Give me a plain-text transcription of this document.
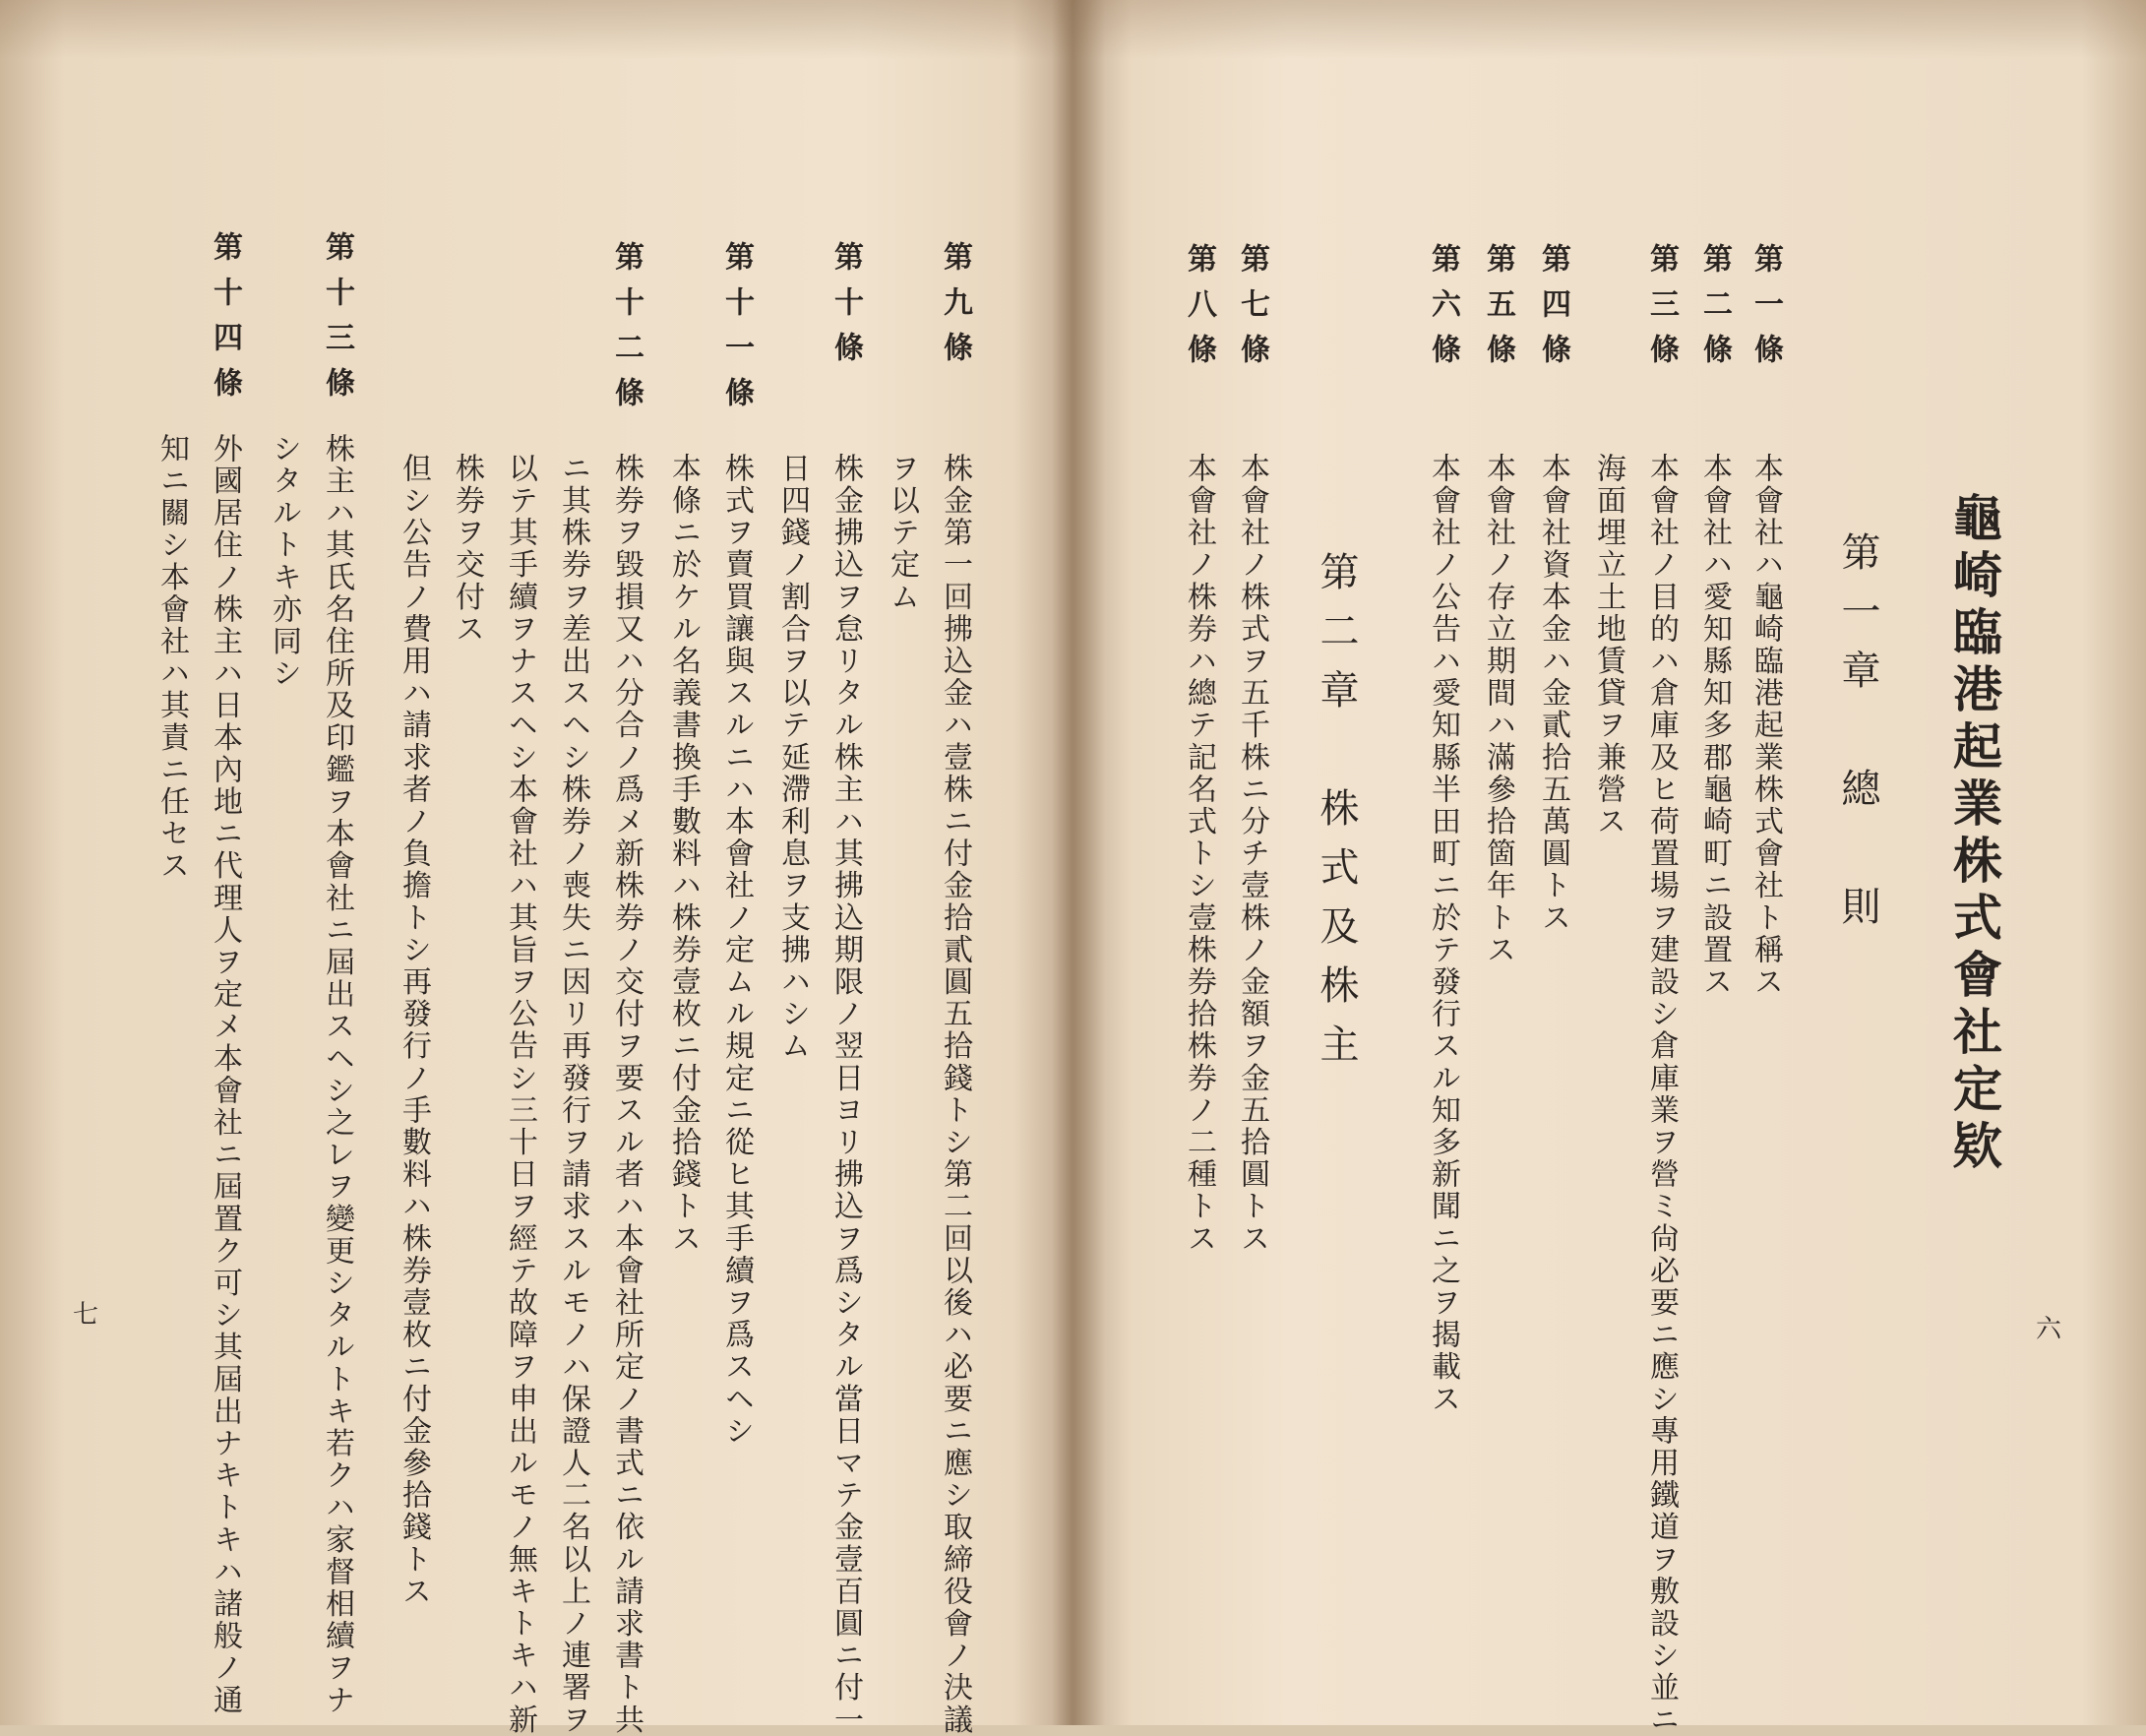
龜崎臨港起業株式會社定欵
第一章　總　則
第一條
本會社ハ龜崎臨港起業株式會社ト稱ス
第二條
本會社ハ愛知縣知多郡龜崎町ニ設置ス
第三條
本會社ノ目的ハ倉庫及ヒ荷置場ヲ建設シ倉庫業ヲ營ミ尙必要ニ應シ專用鐵道ヲ敷設シ並ニ
海面埋立土地賃貸ヲ兼營ス
第四條
本會社資本金ハ金貳拾五萬圓トス
第五條
本會社ノ存立期間ハ滿參拾箇年トス
第六條
本會社ノ公告ハ愛知縣半田町ニ於テ發行スル知多新聞ニ之ヲ揭載ス
第二章　株式及株主
第七條
本會社ノ株式ヲ五千株ニ分チ壹株ノ金額ヲ金五拾圓トス
第八條
本會社ノ株券ハ總テ記名式トシ壹株券拾株券ノ二種トス
六
第九條
株金第一回拂込金ハ壹株ニ付金拾貳圓五拾錢トシ第二回以後ハ必要ニ應シ取締役會ノ決議
ヲ以テ定ム
第十條
株金拂込ヲ怠リタル株主ハ其拂込期限ノ翌日ヨリ拂込ヲ爲シタル當日マテ金壹百圓ニ付一
日四錢ノ割合ヲ以テ延滯利息ヲ支拂ハシム
第十一條
株式ヲ賣買讓與スルニハ本會社ノ定ムル規定ニ從ヒ其手續ヲ爲スヘシ
本條ニ於ケル名義書換手數料ハ株券壹枚ニ付金拾錢トス
第十二條
株券ヲ毀損又ハ分合ノ爲メ新株券ノ交付ヲ要スル者ハ本會社所定ノ書式ニ依ル請求書ト共
ニ其株券ヲ差出スヘシ株券ノ喪失ニ因リ再發行ヲ請求スルモノハ保證人二名以上ノ連署ヲ
以テ其手續ヲナスヘシ本會社ハ其旨ヲ公告シ三十日ヲ經テ故障ヲ申出ルモノ無キトキハ新
株券ヲ交付ス
但シ公告ノ費用ハ請求者ノ負擔トシ再發行ノ手數料ハ株券壹枚ニ付金參拾錢トス
第十三條
株主ハ其氏名住所及印鑑ヲ本會社ニ屆出スヘシ之レヲ變更シタルトキ若クハ家督相續ヲナ
シタルトキ亦同シ
第十四條
外國居住ノ株主ハ日本內地ニ代理人ヲ定メ本會社ニ屆置ク可シ其屆出ナキトキハ諸般ノ通
知ニ關シ本會社ハ其責ニ任セス
七
